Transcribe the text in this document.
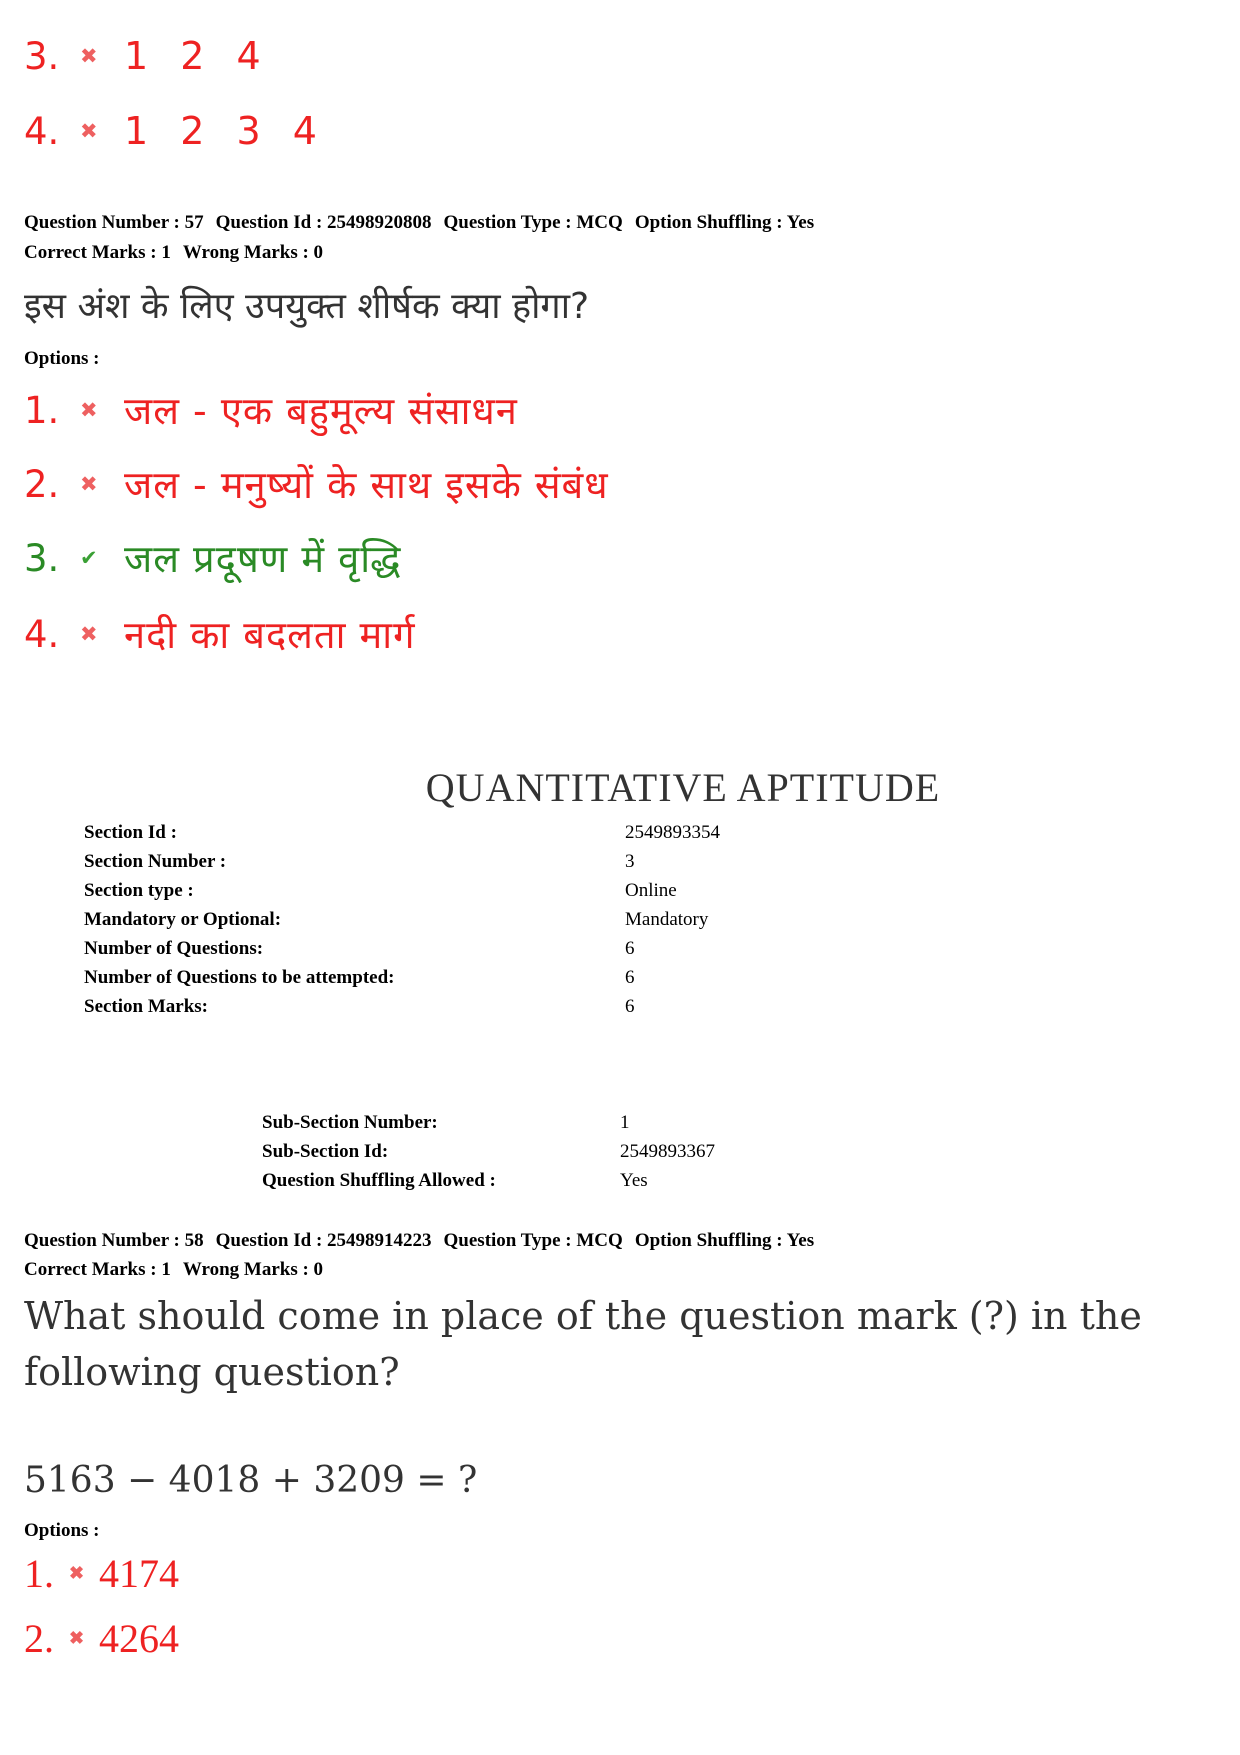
3. ✖ 1 2 4
4. ✖ 1 2 3 4
Question Number : 57 Question Id : 25498920808 Question Type : MCQ Option Shuffling : Yes
Correct Marks : 1 Wrong Marks : 0
इस अंश के लिए उपयुक्त शीर्षक क्या होगा?
Options :
1. ✖ जल - एक बहुमूल्य संसाधन
2. ✖ जल - मनुष्यों के साथ इसके संबंध
3. ✔ जल प्रदूषण में वृद्धि
4. ✖ नदी का बदलता मार्ग
QUANTITATIVE APTITUDE
Section Id :	2549893354
Section Number :	3
Section type :	Online
Mandatory or Optional:	Mandatory
Number of Questions:	6
Number of Questions to be attempted:	6
Section Marks:	6
Sub-Section Number:	1
Sub-Section Id:	2549893367
Question Shuffling Allowed :	Yes
Question Number : 58 Question Id : 25498914223 Question Type : MCQ Option Shuffling : Yes
Correct Marks : 1 Wrong Marks : 0
What should come in place of the question mark (?) in the following question?
5163 − 4018 + 3209 = ?
Options :
1. ✖ 4174
2. ✖ 4264
